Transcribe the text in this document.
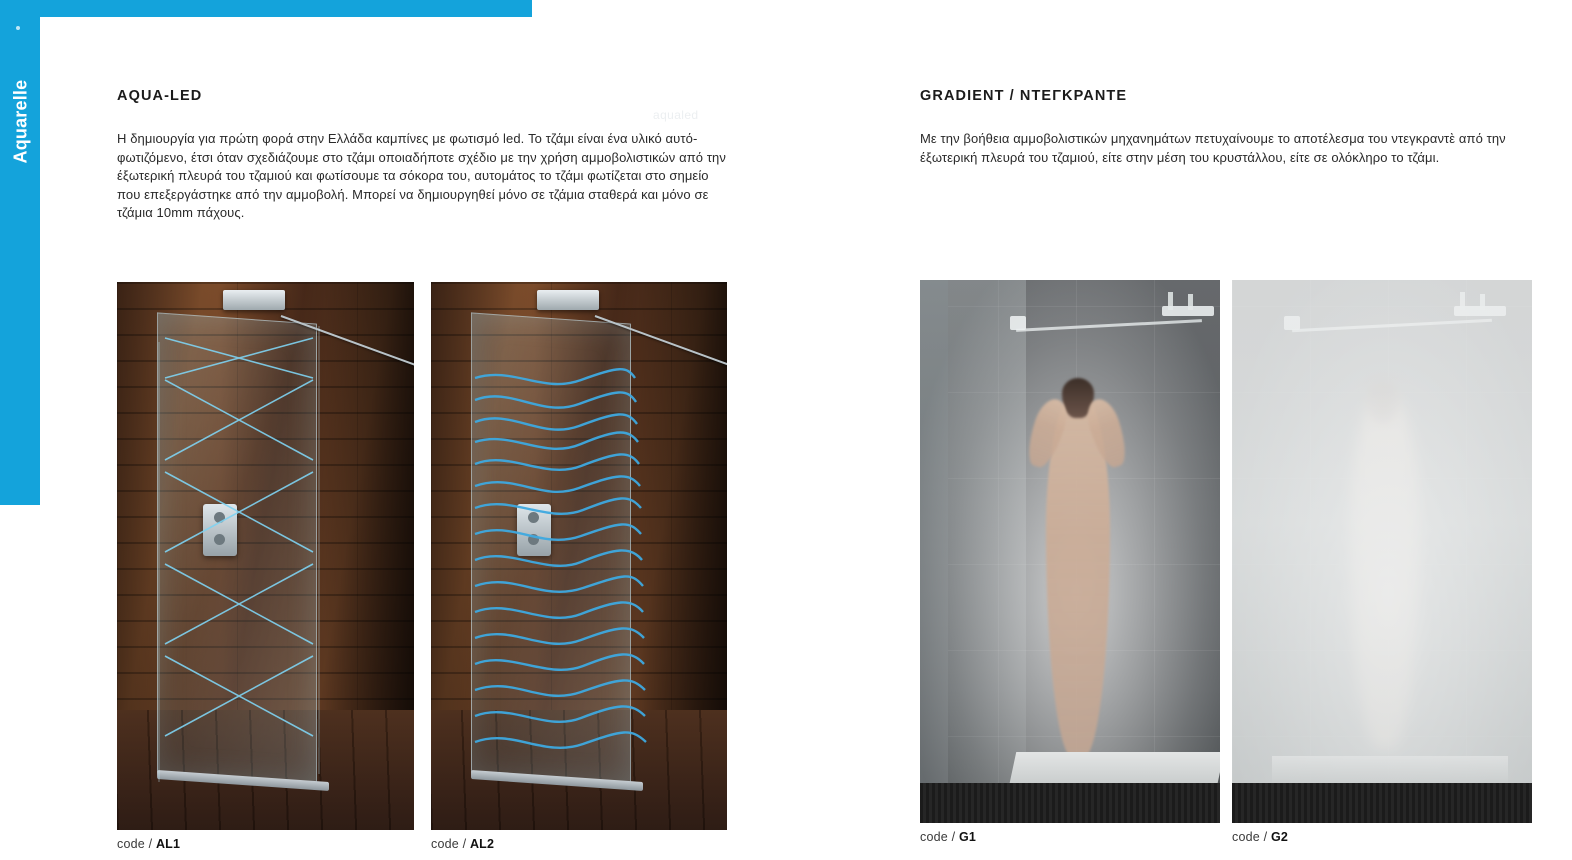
Aquarelle	AQUA-LED

Η δημιουργία για πρώτη φορά στην Ελλάδα καμπίνες με φωτισμό led. Το τζάμι είναι ένα υλικό αυτό-φωτιζόμενο, έτσι όταν σχεδιάζουμε στο τζάμι οποιαδήποτε σχέδιο με την χρήση αμμοβολιστικών από την έξωτερική πλευρά του τζαμιού και φωτίσουμε τα σόκορα του, αυτομάτος το τζάμι φωτίζεται στο σημείο που επεξεργάστηκε από την αμμοβολή. Μπορεί να δημιουργηθεί μόνο σε τζάμια σταθερά και μόνο σε τζάμια 10mm πάχους.

aqualed
GRADIENT / ΝΤΕΓΚΡΑΝΤΕ

Με την βοήθεια αμμοβολιστικών μηχανημάτων πετυχαίνουμε το αποτέλεσμα του ντεγκραντὲ από την έξωτερική πλευρά του τζαμιού, είτε στην μέση του κρυστάλλου, είτε σε ολόκληρο το τζάμι.

code / AL1	code / AL2	code / G1	code / G2
